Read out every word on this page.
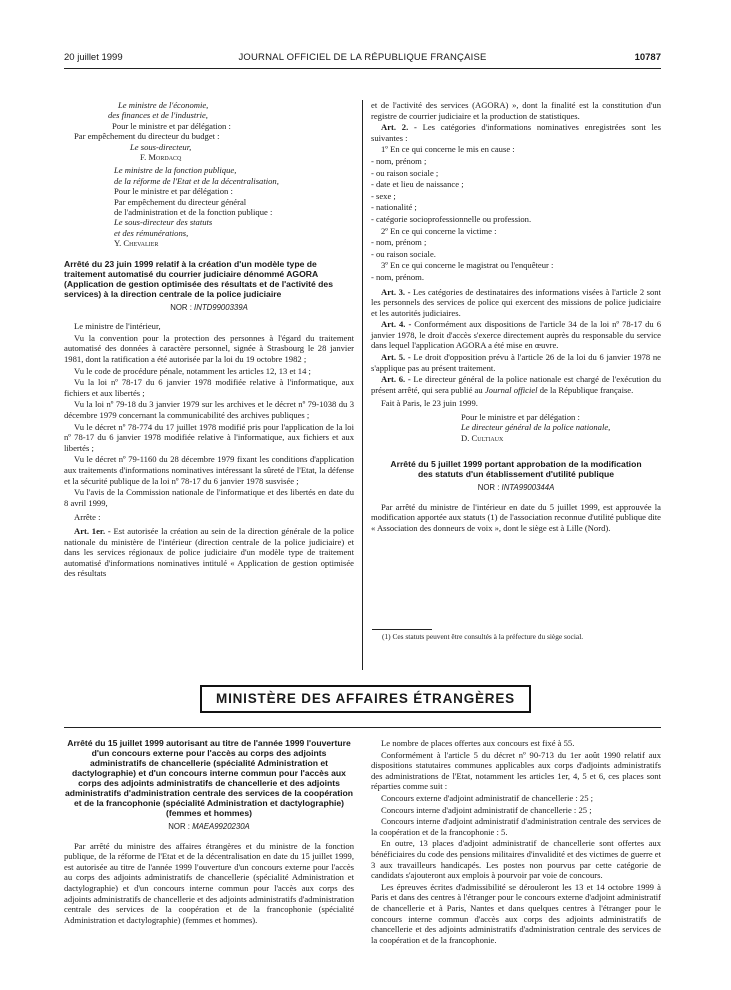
20 juillet 1999	JOURNAL OFFICIEL DE LA RÉPUBLIQUE FRANÇAISE	10787

Le ministre de l'économie,

des finances et de l'industrie,

Pour le ministre et par délégation :

Par empêchement du directeur du budget :

Le sous-directeur,

F. Mordacq

Le ministre de la fonction publique,

de la réforme de l'Etat et de la décentralisation,

Pour le ministre et par délégation :

Par empêchement du directeur général

de l'administration et de la fonction publique :

Le sous-directeur des statuts

et des rémunérations,

Y. Chevalier

Arrêté du 23 juin 1999 relatif à la création d'un modèle type de traitement automatisé du courrier judiciaire dénommé AGORA (Application de gestion optimisée des résultats et de l'activité des services) à la direction centrale de la police judiciaire
NOR : INTD9900339A

Le ministre de l'intérieur,

Vu la convention pour la protection des personnes à l'égard du traitement automatisé des données à caractère personnel, signée à Strasbourg le 28 janvier 1981, dont la ratification a été autorisée par la loi du 19 octobre 1982 ;

Vu le code de procédure pénale, notamment les articles 12, 13 et 14 ;

Vu la loi nº 78-17 du 6 janvier 1978 modifiée relative à l'informatique, aux fichiers et aux libertés ;

Vu la loi nº 79-18 du 3 janvier 1979 sur les archives et le décret nº 79-1038 du 3 décembre 1979 concernant la communicabilité des archives publiques ;

Vu le décret nº 78-774 du 17 juillet 1978 modifié pris pour l'application de la loi nº 78-17 du 6 janvier 1978 modifiée relative à l'informatique, aux fichiers et aux libertés ;

Vu le décret nº 79-1160 du 28 décembre 1979 fixant les conditions d'application aux traitements d'informations nominatives intéressant la sûreté de l'Etat, la défense et la sécurité publique de la loi nº 78-17 du 6 janvier 1978 susvisée ;

Vu l'avis de la Commission nationale de l'informatique et des libertés en date du 8 avril 1999,

Arrête :

Art. 1er. - Est autorisée la création au sein de la direction générale de la police nationale du ministère de l'intérieur (direction centrale de la police judiciaire) et dans les services régionaux de police judiciaire d'un modèle type de traitement automatisé d'informations nominatives intitulé « Application de gestion optimisée des résultats

et de l'activité des services (AGORA) », dont la finalité est la constitution d'un registre de courrier judiciaire et la production de statistiques.

Art. 2. - Les catégories d'informations nominatives enregistrées sont les suivantes :

1º En ce qui concerne le mis en cause :

- nom, prénom ;

- ou raison sociale ;

- date et lieu de naissance ;

- sexe ;

- nationalité ;

- catégorie socioprofessionnelle ou profession.

2º En ce qui concerne la victime :

- nom, prénom ;

- ou raison sociale.

3º En ce qui concerne le magistrat ou l'enquêteur :

- nom, prénom.

Art. 3. - Les catégories de destinataires des informations visées à l'article 2 sont les personnels des services de police qui exercent des missions de police judiciaire et les autorités judiciaires.

Art. 4. - Conformément aux dispositions de l'article 34 de la loi nº 78-17 du 6 janvier 1978, le droit d'accès s'exerce directement auprès du responsable du service dans lequel l'application AGORA a été mise en œuvre.

Art. 5. - Le droit d'opposition prévu à l'article 26 de la loi du 6 janvier 1978 ne s'applique pas au présent traitement.

Art. 6. - Le directeur général de la police nationale est chargé de l'exécution du présent arrêté, qui sera publié au Journal officiel de la République française.

Fait à Paris, le 23 juin 1999.

Pour le ministre et par délégation :

Le directeur général de la police nationale,

D. Cultiaux

Arrêté du 5 juillet 1999 portant approbation de la modification des statuts d'un établissement d'utilité publique
NOR : INTA9900344A

Par arrêté du ministre de l'intérieur en date du 5 juillet 1999, est approuvée la modification apportée aux statuts (1) de l'association reconnue d'utilité publique dite « Association des donneurs de voix », dont le siège est à Lille (Nord).

(1) Ces statuts peuvent être consultés à la préfecture du siège social.
MINISTÈRE DES AFFAIRES ÉTRANGÈRES
Arrêté du 15 juillet 1999 autorisant au titre de l'année 1999 l'ouverture d'un concours externe pour l'accès au corps des adjoints administratifs de chancellerie (spécialité Administration et dactylographie) et d'un concours interne commun pour l'accès aux corps des adjoints administratifs de chancellerie et des adjoints administratifs d'administration centrale des services de la coopération et de la francophonie (spécialité Administration et dactylographie) (femmes et hommes)
NOR : MAEA9920230A

Par arrêté du ministre des affaires étrangères et du ministre de la fonction publique, de la réforme de l'Etat et de la décentralisation en date du 15 juillet 1999, est autorisée au titre de l'année 1999 l'ouverture d'un concours externe pour l'accès au corps des adjoints administratifs de chancellerie (spécialité Administration et dactylographie) et d'un concours interne commun pour l'accès aux corps des adjoints administratifs de chancellerie et des adjoints administratifs d'administration centrale des services de la coopération et de la francophonie (spécialité Administration et dactylographie) (femmes et hommes).

Le nombre de places offertes aux concours est fixé à 55.

Conformément à l'article 5 du décret nº 90-713 du 1er août 1990 relatif aux dispositions statutaires communes applicables aux corps d'adjoints administratifs des administrations de l'Etat, notamment les articles 1er, 4, 5 et 6, ces places sont réparties comme suit :

Concours externe d'adjoint administratif de chancellerie : 25 ;

Concours interne d'adjoint administratif de chancellerie : 25 ;

Concours interne d'adjoint administratif d'administration centrale des services de la coopération et de la francophonie : 5.

En outre, 13 places d'adjoint administratif de chancellerie sont offertes aux bénéficiaires du code des pensions militaires d'invalidité et des victimes de guerre et 3 aux travailleurs handicapés. Les postes non pourvus par cette catégorie de candidats s'ajouteront aux emplois à pourvoir par voie de concours.

Les épreuves écrites d'admissibilité se dérouleront les 13 et 14 octobre 1999 à Paris et dans des centres à l'étranger pour le concours externe d'adjoint administratif de chancellerie et à Paris, Nantes et dans quelques centres à l'étranger pour le concours interne commun d'accès aux corps des adjoints administratifs de chancellerie et des adjoints administratifs d'administration centrale des services de la coopération et de la francophonie.
